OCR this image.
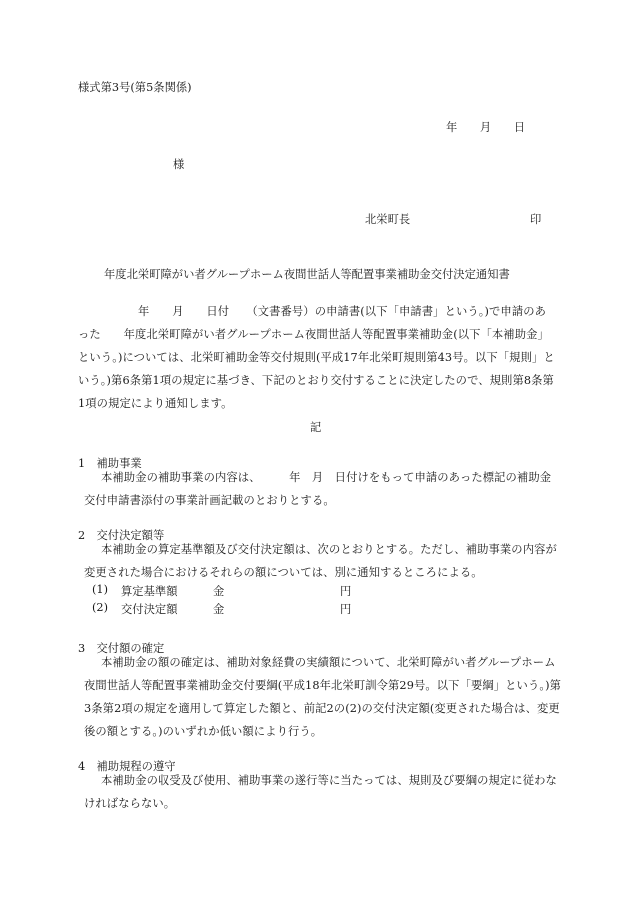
様式第3号(第5条関係)
年　　月　　日
様
北栄町長	印
年度北栄町障がい者グループホーム夜間世話人等配置事業補助金交付決定通知書
年　　月　　日付　　（文書番号）の申請書(以下「申請書」という。)で申請のあった　　年度北栄町障がい者グループホーム夜間世話人等配置事業補助金(以下「本補助金」という。)については、北栄町補助金等交付規則(平成17年北栄町規則第43号。以下「規則」という。)第6条第1項の規定に基づき、下記のとおり交付することに決定したので、規則第8条第1項の規定により通知します。
記
1　補助事業
本補助金の補助事業の内容は、　　　年　月　日付けをもって申請のあった標記の補助金交付申請書添付の事業計画記載のとおりとする。
2　交付決定額等
本補助金の算定基準額及び交付決定額は、次のとおりとする。ただし、補助事業の内容が変更された場合におけるそれらの額については、別に通知するところによる。
(1) 算定基準額	金	円
(2) 交付決定額	金	円
3　交付額の確定
本補助金の額の確定は、補助対象経費の実績額について、北栄町障がい者グループホーム夜間世話人等配置事業補助金交付要綱(平成18年北栄町訓令第29号。以下「要綱」という。)第3条第2項の規定を適用して算定した額と、前記2の(2)の交付決定額(変更された場合は、変更後の額とする。)のいずれか低い額により行う。
4　補助規程の遵守
本補助金の収受及び使用、補助事業の遂行等に当たっては、規則及び要綱の規定に従わなければならない。
